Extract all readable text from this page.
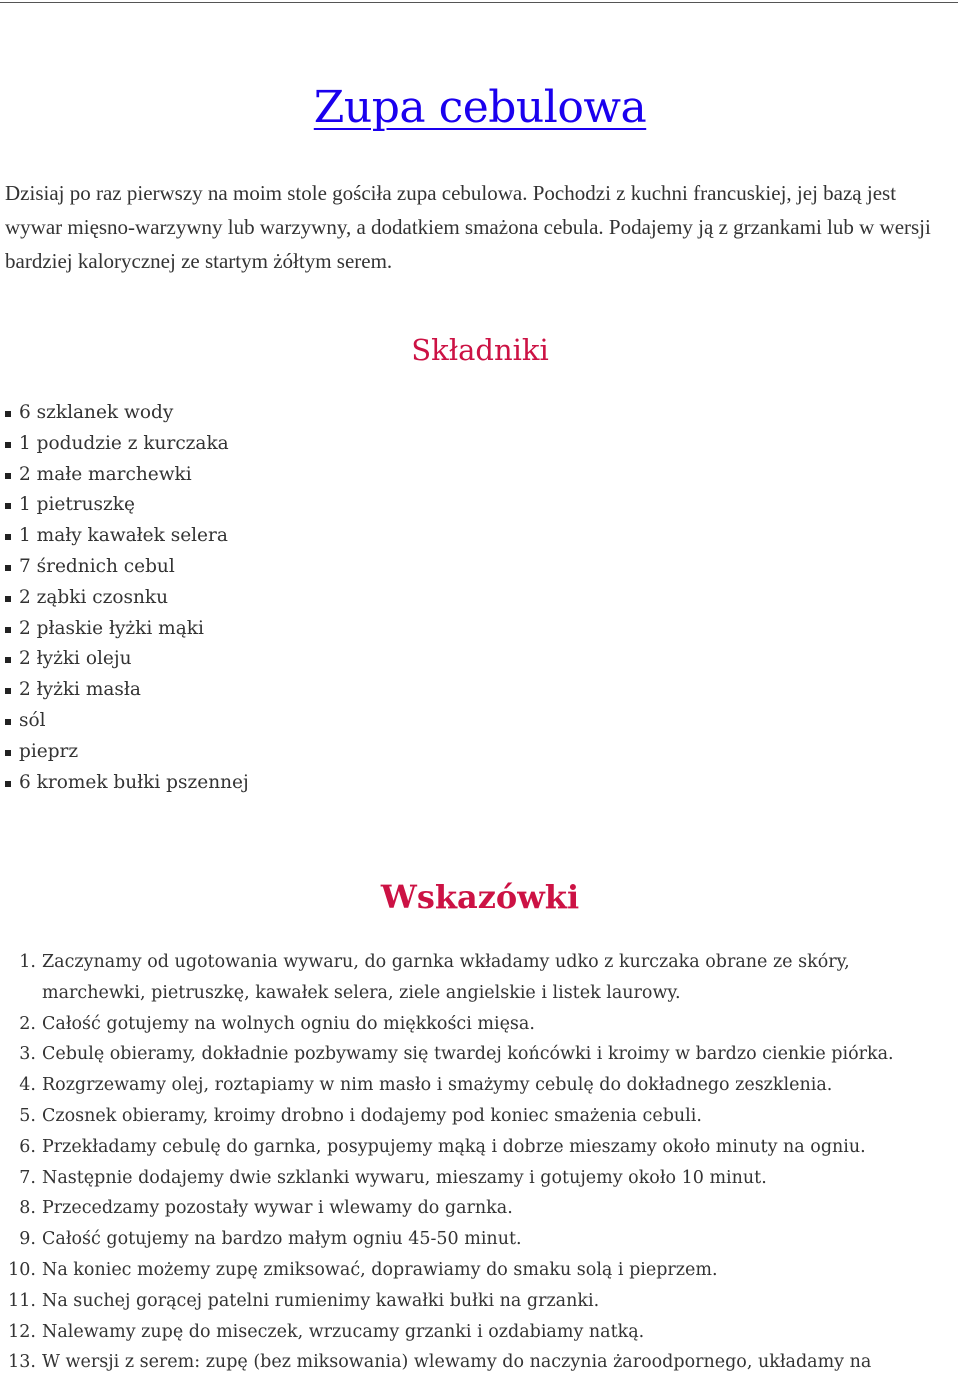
Zupa cebulowa

Dzisiaj po raz pierwszy na moim stole gościła zupa cebulowa. Pochodzi z kuchni francuskiej, jej bazą jest wywar mięsno-warzywny lub warzywny, a dodatkiem smażona cebula. Podajemy ją z grzankami lub w wersji bardziej kalorycznej ze startym żółtym serem.

Składniki
6 szklanek wody
1 podudzie z kurczaka
2 małe marchewki
1 pietruszkę
1 mały kawałek selera
7 średnich cebul
2 ząbki czosnku
2 płaskie łyżki mąki
2 łyżki oleju
2 łyżki masła
sól
pieprz
6 kromek bułki pszennej
Wskazówki
1. Zaczynamy od ugotowania wywaru, do garnka wkładamy udko z kurczaka obrane ze skóry, marchewki, pietruszkę, kawałek selera, ziele angielskie i listek laurowy.
2. Całość gotujemy na wolnych ogniu do miękkości mięsa.
3. Cebulę obieramy, dokładnie pozbywamy się twardej końcówki i kroimy w bardzo cienkie piórka.
4. Rozgrzewamy olej, roztapiamy w nim masło i smażymy cebulę do dokładnego zeszklenia.
5. Czosnek obieramy, kroimy drobno i dodajemy pod koniec smażenia cebuli.
6. Przekładamy cebulę do garnka, posypujemy mąką i dobrze mieszamy około minuty na ogniu.
7. Następnie dodajemy dwie szklanki wywaru, mieszamy i gotujemy około 10 minut.
8. Przecedzamy pozostały wywar i wlewamy do garnka.
9. Całość gotujemy na bardzo małym ogniu 45-50 minut.
10. Na koniec możemy zupę zmiksować, doprawiamy do smaku solą i pieprzem.
11. Na suchej gorącej patelni rumienimy kawałki bułki na grzanki.
12. Nalewamy zupę do miseczek, wrzucamy grzanki i ozdabiamy natką.
13. W wersji z serem: zupę (bez miksowania) wlewamy do naczynia żaroodpornego, układamy na
